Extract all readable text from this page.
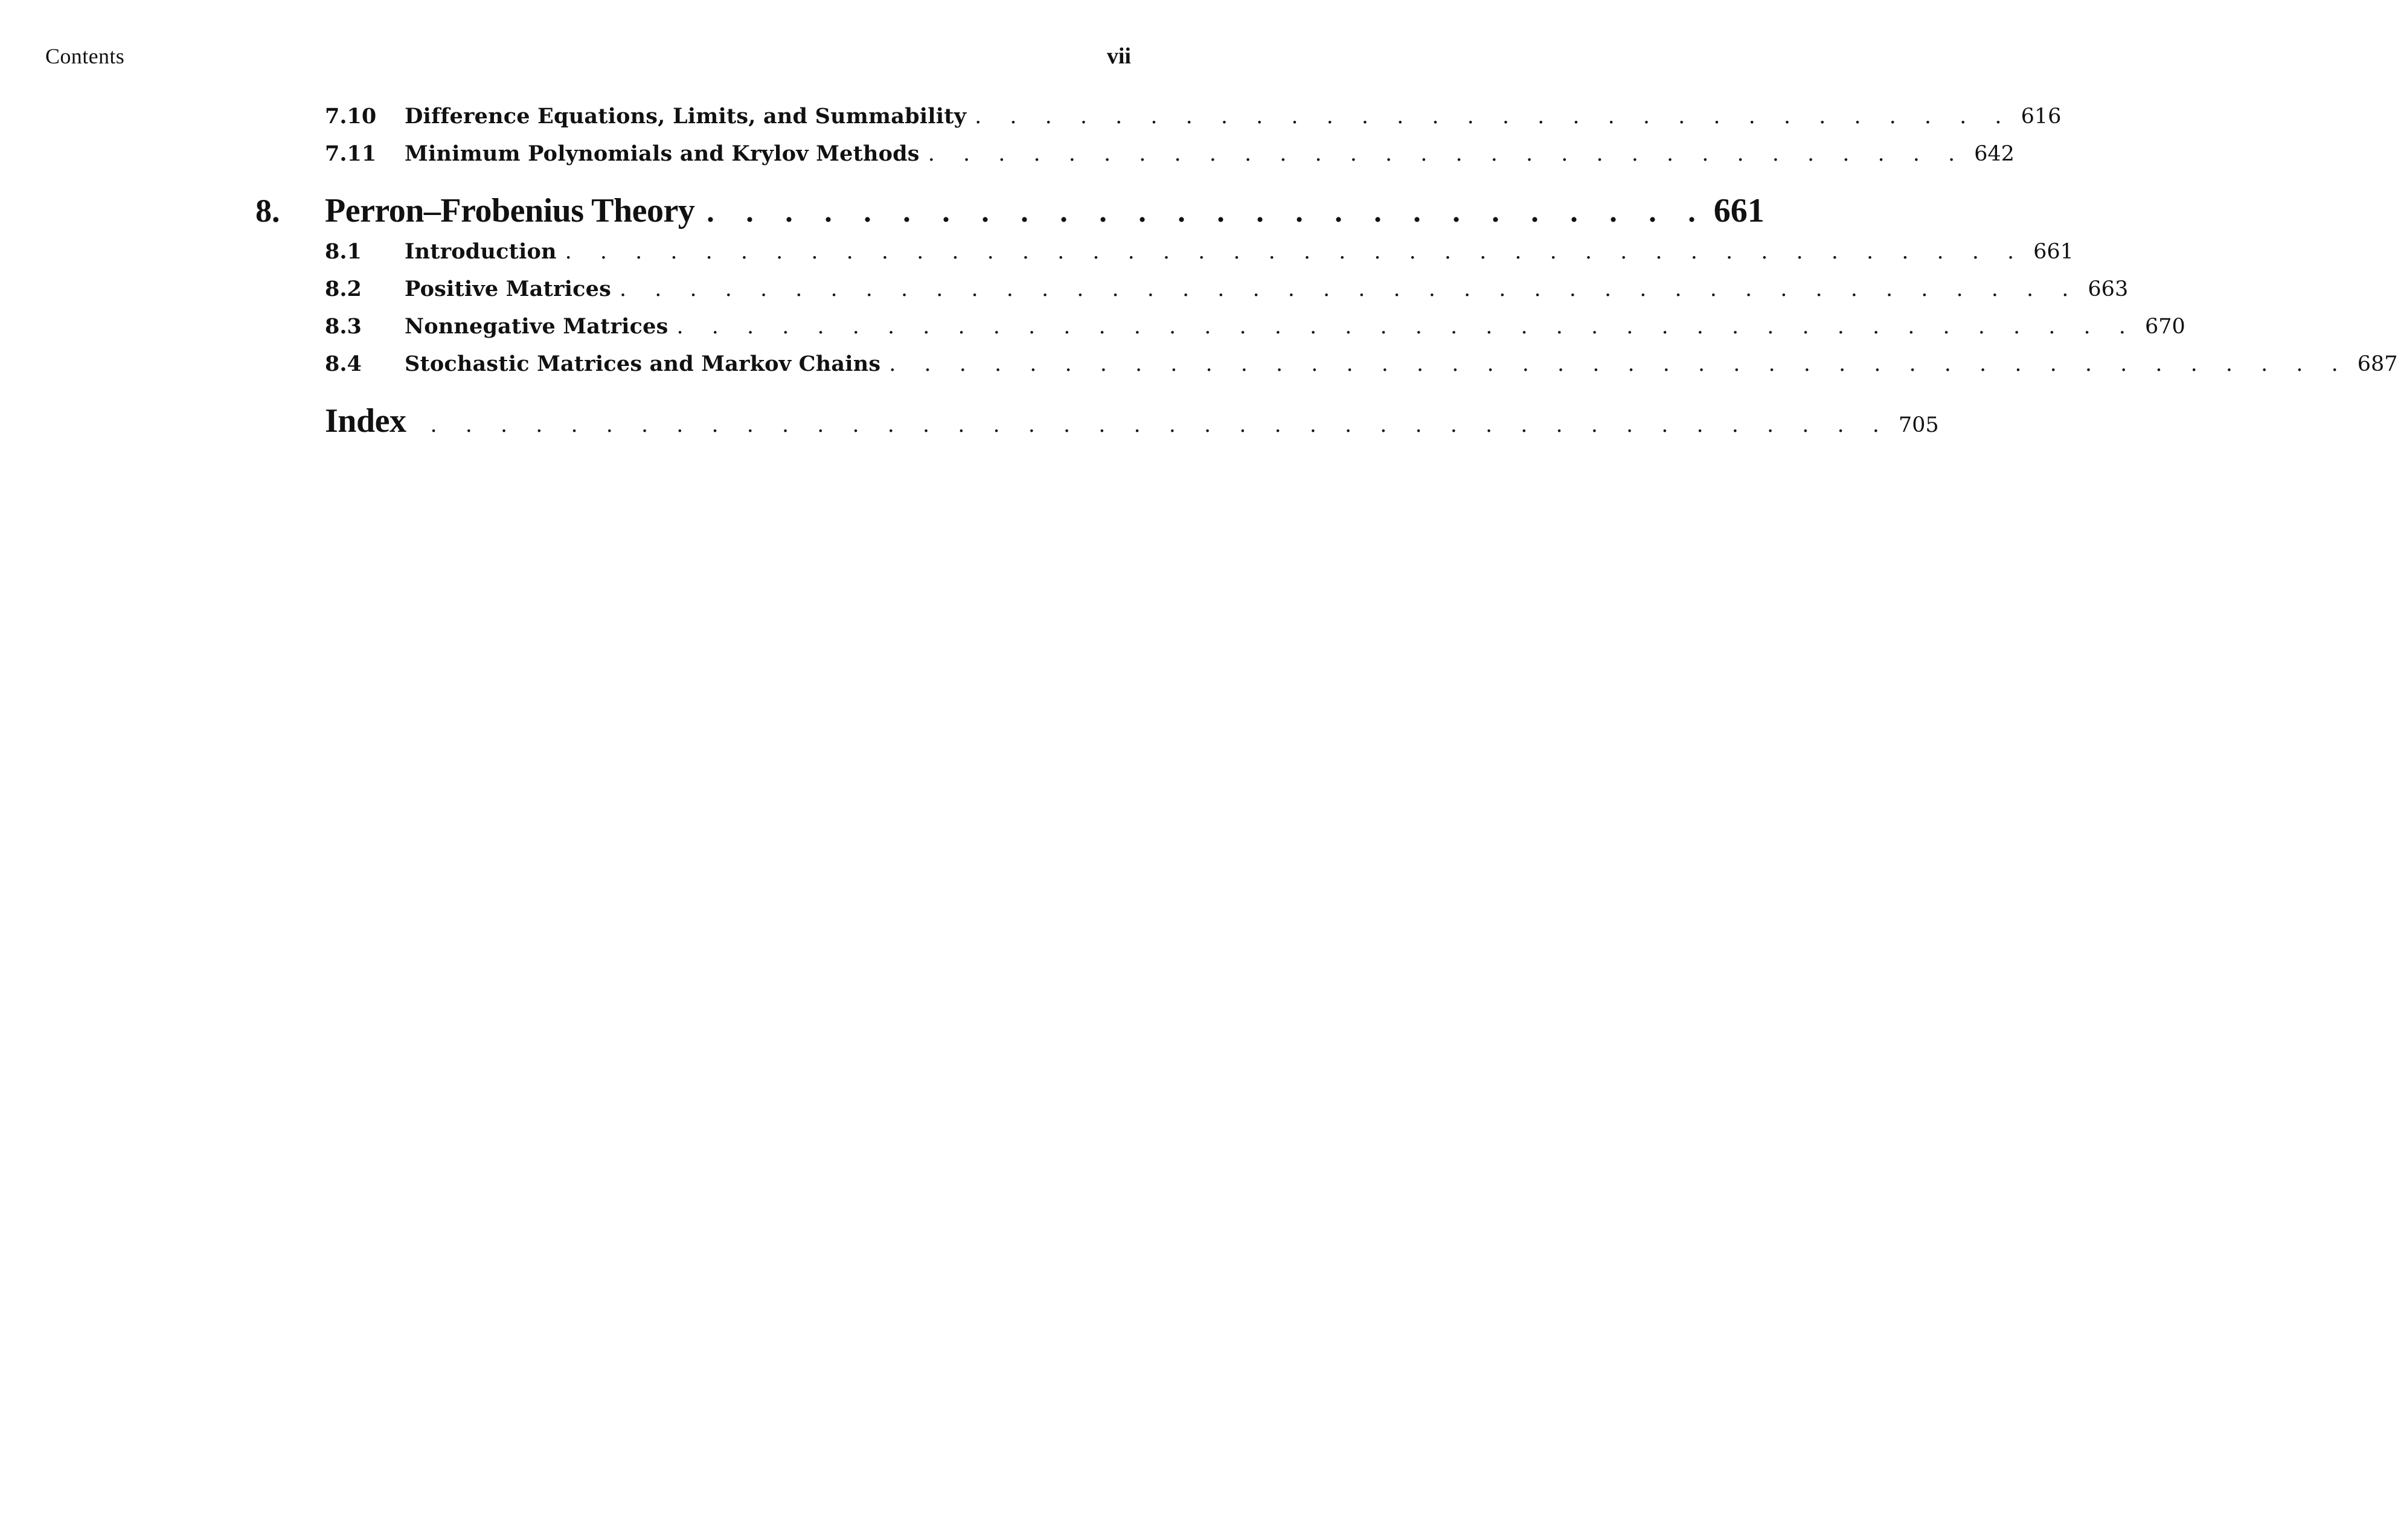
Contents	vii
7.10 Difference Equations, Limits, and Summability . . . . . . . . . . . . . . . . . . . . . . . . . . . . . . 616
7.11 Minimum Polynomials and Krylov Methods . . . . . . . . . . . . . . . . . . . . . . . . . . . . . . 642
8. Perron–Frobenius Theory . . . . . . . . . . . . . . . . . . . . . . . . . . 661
8.1 Introduction . . . . . . . . . . . . . . . . . . . . . . . . . . . . . . . . . . . . . . . . . . 661
8.2 Positive Matrices . . . . . . . . . . . . . . . . . . . . . . . . . . . . . . . . . . . . . . . . . . 663
8.3 Nonnegative Matrices . . . . . . . . . . . . . . . . . . . . . . . . . . . . . . . . . . . . . . . . . . 670
8.4 Stochastic Matrices and Markov Chains . . . . . . . . . . . . . . . . . . . . . . . . . . . . . . . . . . . . . . . . . . 687
Index	. . . . . . . . . . . . . . . . . . . . . . . . . . . . . . . . . . . . . . . . . . 705
